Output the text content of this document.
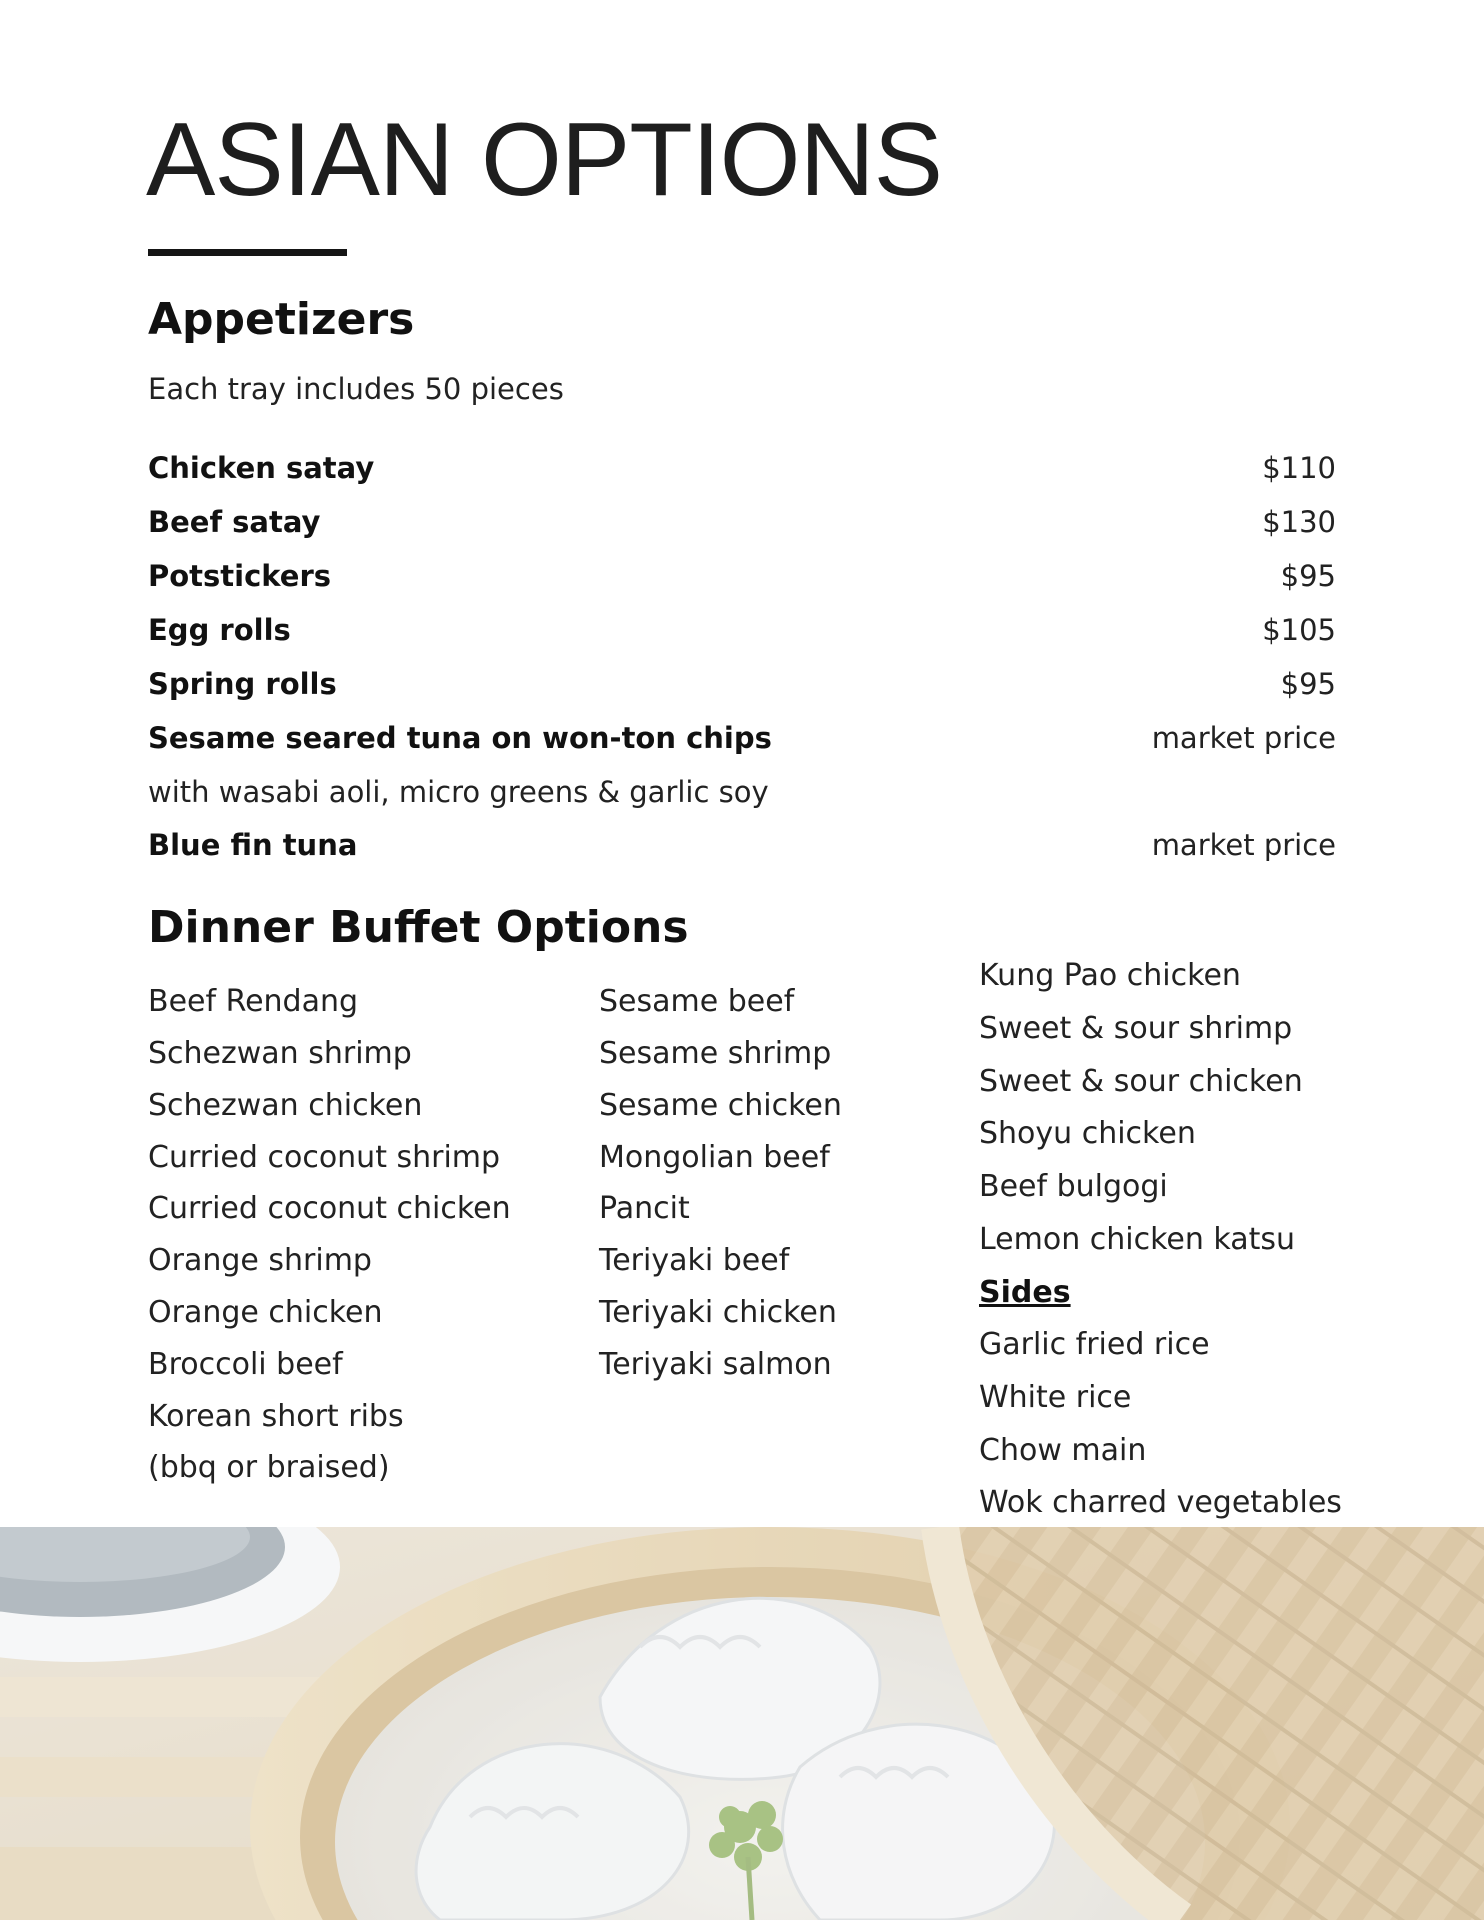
ASIAN OPTIONS
Appetizers
Each tray includes 50 pieces
Chicken satay	$110
Beef satay	$130
Potstickers	$95
Egg rolls	$105
Spring rolls	$95
Sesame seared tuna on won-ton chips	market price
with wasabi aoli, micro greens & garlic soy
Blue fin tuna	market price
Dinner Buffet Options
Beef Rendang
Schezwan shrimp
Schezwan chicken
Curried coconut shrimp
Curried coconut chicken
Orange shrimp
Orange chicken
Broccoli beef
Korean short ribs
(bbq or braised)
Sesame beef
Sesame shrimp
Sesame chicken
Mongolian beef
Pancit
Teriyaki beef
Teriyaki chicken
Teriyaki salmon
Kung Pao chicken
Sweet & sour shrimp
Sweet & sour chicken
Shoyu chicken
Beef bulgogi
Lemon chicken katsu
Sides
Garlic fried rice
White rice
Chow main
Wok charred vegetables
